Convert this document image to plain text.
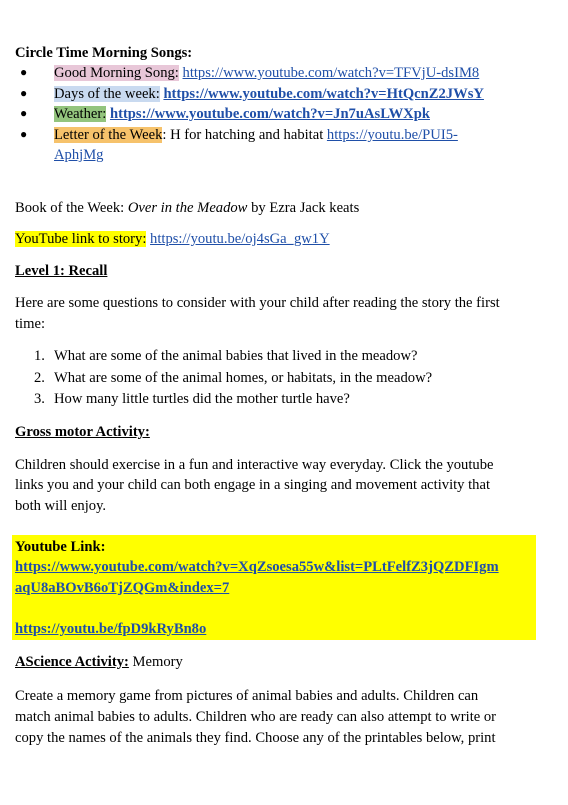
Circle Time Morning Songs:
● Good Morning Song: https://www.youtube.com/watch?v=TFVjU-dsIM8
● Days of the week: https://www.youtube.com/watch?v=HtQcnZ2JWsY
● Weather: https://www.youtube.com/watch?v=Jn7uAsLWXpk
● Letter of the Week: H for hatching and habitat https://youtu.be/PUI5-
AphjMg
Book of the Week: Over in the Meadow by Ezra Jack keats
YouTube link to story: https://youtu.be/oj4sGa_gw1Y
Level 1: Recall
Here are some questions to consider with your child after reading the story the first
time:
1. What are some of the animal babies that lived in the meadow?
2. What are some of the animal homes, or habitats, in the meadow?
3. How many little turtles did the mother turtle have?
Gross motor Activity:
Children should exercise in a fun and interactive way everyday. Click the youtube
links you and your child can both engage in a singing and movement activity that
both will enjoy.
Youtube Link:
https://www.youtube.com/watch?v=XqZsoesa55w&list=PLtFelfZ3jQZDFIgm
aqU8aBOvB6oTjZQGm&index=7
https://youtu.be/fpD9kRyBn8o
AScience Activity: Memory
Create a memory game from pictures of animal babies and adults. Children can
match animal babies to adults. Children who are ready can also attempt to write or
copy the names of the animals they find. Choose any of the printables below, print
